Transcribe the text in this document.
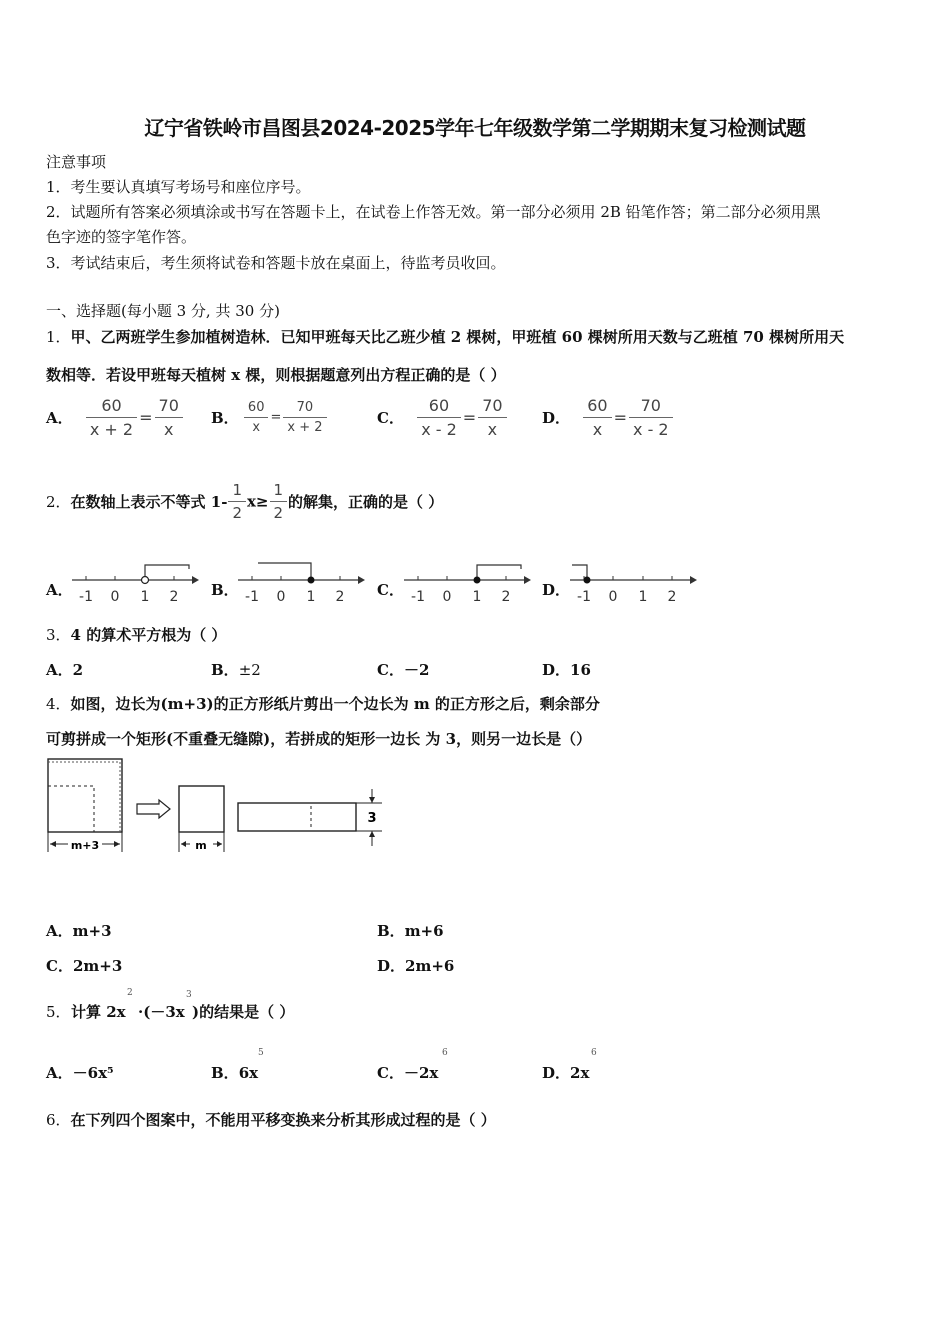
辽宁省铁岭市昌图县2024-2025学年七年级数学第二学期期末复习检测试题
注意事项
1．考生要认真填写考场号和座位序号。
2．试题所有答案必须填涂或书写在答题卡上，在试卷上作答无效。第一部分必须用 2B 铅笔作答；第二部分必须用黑
色字迹的签字笔作答。
3．考试结束后，考生须将试卷和答题卡放在桌面上，待监考员收回。
一、选择题(每小题 3 分, 共 30 分)
1．甲、乙两班学生参加植树造林．已知甲班每天比乙班少植 2 棵树，甲班植 60 棵树所用天数与乙班植 70 棵树所用天
数相等．若设甲班每天植树 x 棵，则根据题意列出方程正确的是（ ）
A． $\frac{60}{x + 2} = \frac{70}{x}$ B． $\frac{60}{x} = \frac{70}{x + 2}$	C． $\frac{60}{x - 2} = \frac{70}{x}$ D． $\frac{60}{x} = \frac{70}{x - 2}$
2．在数轴上表示不等式 $1- \frac{1}{2} x\ge \frac{1}{2}$ 的解集，正确的是（ ）
A．	B．	C．	D．
-1 0 1 2	-1 0 1 2	-1 0 1 2	-1 0 1 2
3．4 的算术平方根为（ ）
A．2	B．±2	C．－2	D．16
4．如图，边长为(m+3)的正方形纸片剪出一个边长为 m 的正方形之后，剩余部分
可剪拼成一个矩形(不重叠无缝隙)，若拼成的矩形一边长 为 3，则另一边长是（）
m+3	m
3
A．m+3	B．m+6
C．2m+3	D．2m+6
5． 计算 2x
2
·(－3x
3
)的结果是（ ）
A．－6x⁵	B．6x
5
C．－2x
6
D．2x
6
6．在下列四个图案中，不能用平移变换来分析其形成过程的是（ ）
